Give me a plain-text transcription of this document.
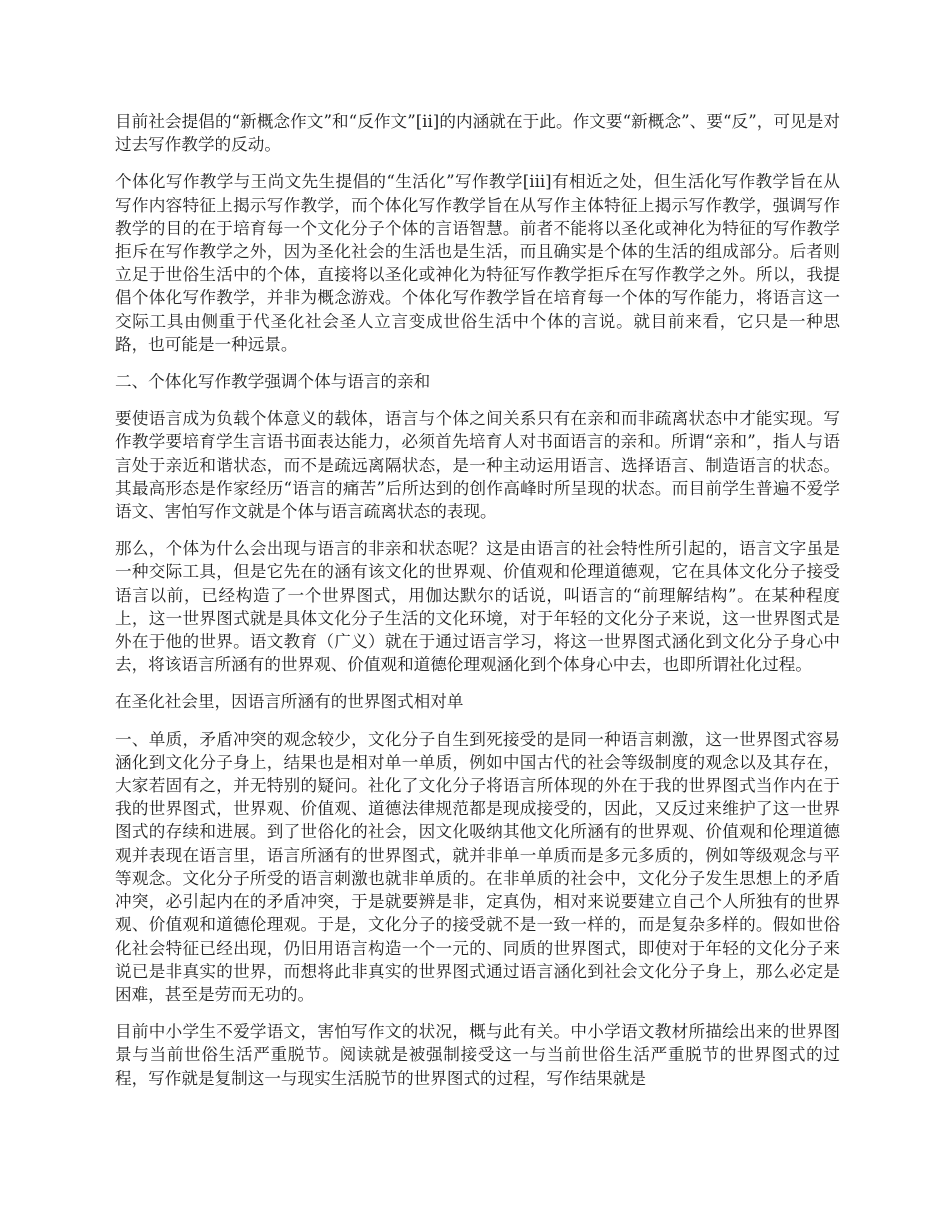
目前社会提倡的“新概念作文”和“反作文”[ii]的内涵就在于此。作文要“新概念”、要“反”，可见是对过去写作教学的反动。

个体化写作教学与王尚文先生提倡的“生活化”写作教学[iii]有相近之处，但生活化写作教学旨在从写作内容特征上揭示写作教学，而个体化写作教学旨在从写作主体特征上揭示写作教学，强调写作教学的目的在于培育每一个文化分子个体的言语智慧。前者不能将以圣化或神化为特征的写作教学拒斥在写作教学之外，因为圣化社会的生活也是生活，而且确实是个体的生活的组成部分。后者则立足于世俗生活中的个体，直接将以圣化或神化为特征写作教学拒斥在写作教学之外。所以，我提倡个体化写作教学，并非为概念游戏。个体化写作教学旨在培育每一个体的写作能力，将语言这一交际工具由侧重于代圣化社会圣人立言变成世俗生活中个体的言说。就目前来看，它只是一种思路，也可能是一种远景。

二、个体化写作教学强调个体与语言的亲和

要使语言成为负载个体意义的载体，语言与个体之间关系只有在亲和而非疏离状态中才能实现。写作教学要培育学生言语书面表达能力，必须首先培育人对书面语言的亲和。所谓“亲和”，指人与语言处于亲近和谐状态，而不是疏远离隔状态，是一种主动运用语言、选择语言、制造语言的状态。其最高形态是作家经历“语言的痛苦”后所达到的创作高峰时所呈现的状态。而目前学生普遍不爱学语文、害怕写作文就是个体与语言疏离状态的表现。

那么，个体为什么会出现与语言的非亲和状态呢？这是由语言的社会特性所引起的，语言文字虽是一种交际工具，但是它先在的涵有该文化的世界观、价值观和伦理道德观，它在具体文化分子接受语言以前，已经构造了一个世界图式，用伽达默尔的话说，叫语言的“前理解结构”。在某种程度上，这一世界图式就是具体文化分子生活的文化环境，对于年轻的文化分子来说，这一世界图式是外在于他的世界。语文教育（广义）就在于通过语言学习，将这一世界图式涵化到文化分子身心中去，将该语言所涵有的世界观、价值观和道德伦理观涵化到个体身心中去，也即所谓社化过程。

在圣化社会里，因语言所涵有的世界图式相对单

一、单质，矛盾冲突的观念较少，文化分子自生到死接受的是同一种语言刺激，这一世界图式容易涵化到文化分子身上，结果也是相对单一单质，例如中国古代的社会等级制度的观念以及其存在，大家若固有之，并无特别的疑问。社化了文化分子将语言所体现的外在于我的世界图式当作内在于我的世界图式，世界观、价值观、道德法律规范都是现成接受的，因此，又反过来维护了这一世界图式的存续和进展。到了世俗化的社会，因文化吸纳其他文化所涵有的世界观、价值观和伦理道德观并表现在语言里，语言所涵有的世界图式，就并非单一单质而是多元多质的，例如等级观念与平等观念。文化分子所受的语言刺激也就非单质的。在非单质的社会中，文化分子发生思想上的矛盾冲突，必引起内在的矛盾冲突，于是就要辨是非，定真伪，相对来说要建立自己个人所独有的世界观、价值观和道德伦理观。于是，文化分子的接受就不是一致一样的，而是复杂多样的。假如世俗化社会特征已经出现，仍旧用语言构造一个一元的、同质的世界图式，即使对于年轻的文化分子来说已是非真实的世界，而想将此非真实的世界图式通过语言涵化到社会文化分子身上，那么必定是困难，甚至是劳而无功的。

目前中小学生不爱学语文，害怕写作文的状况，概与此有关。中小学语文教材所描绘出来的世界图景与当前世俗生活严重脱节。阅读就是被强制接受这一与当前世俗生活严重脱节的世界图式的过程，写作就是复制这一与现实生活脱节的世界图式的过程，写作结果就是
